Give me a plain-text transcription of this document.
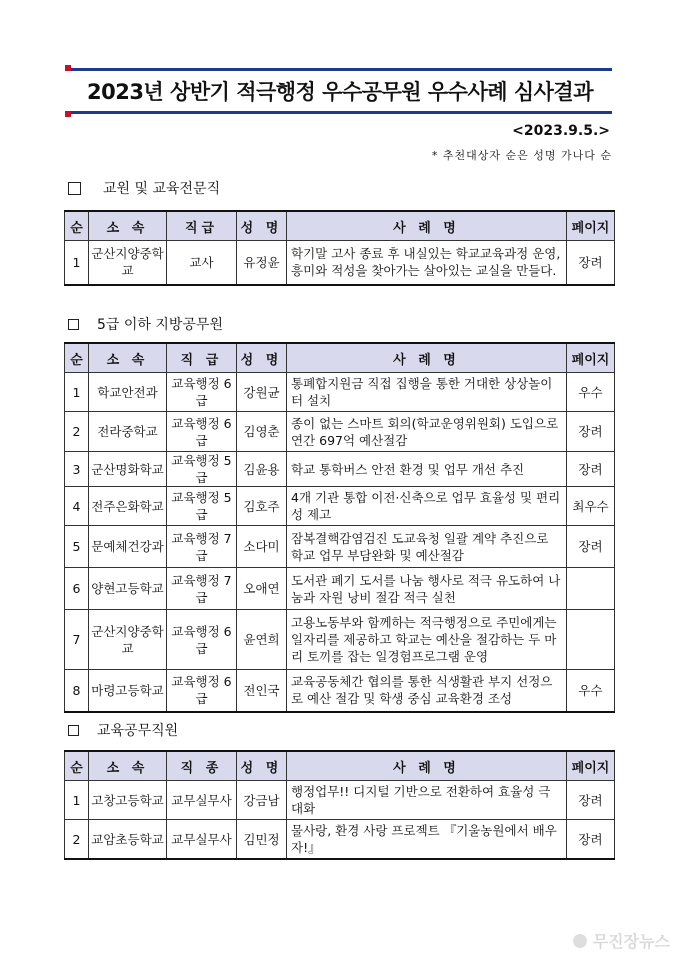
2023년 상반기 적극행정 우수공무원 우수사례 심사결과
<2023.9.5.>
* 추천대상자 순은 성명 가나다 순
교원 및 교육전문직
순	소 속	직급	성 명	사 례 명	페이지
1	군산지양중학교	교사	유정윤	학기말 고사 종료 후 내실있는 학교교육과정 운영, 흥미와 적성을 찾아가는 살아있는 교실을 만들다.	장려
5급 이하 지방공무원
순	소 속	직 급	성 명	사 례 명	페이지
1	학교안전과	교육행정 6급	강원균	통폐합지원금 직접 집행을 통한 거대한 상상놀이터 설치	우수
2	전라중학교	교육행정 6급	김영춘	종이 없는 스마트 회의(학교운영위원회) 도입으로 연간 697억 예산절감	장려
3	군산명화학교	교육행정 5급	김윤용	학교 통학버스 안전 환경 및 업무 개선 추진	장려
4	전주은화학교	교육행정 5급	김호주	4개 기관 통합 이전·신축으로 업무 효율성 및 편리성 제고	최우수
5	문예체건강과	교육행정 7급	소다미	잠복결핵감염검진 도교육청 일괄 계약 추진으로 학교 업무 부담완화 및 예산절감	장려
6	양현고등학교	교육행정 7급	오애연	도서관 폐기 도서를 나눔 행사로 적극 유도하여 나눔과 자원 낭비 절감 적극 실천	
7	군산지양중학교	교육행정 6급	윤연희	고용노동부와 함께하는 적극행정으로 주민에게는 일자리를 제공하고 학교는 예산을 절감하는 두 마리 토끼를 잡는 일경험프로그램 운영	
8	마령고등학교	교육행정 6급	전인국	교육공동체간 협의를 통한 식생활관 부지 선정으로 예산 절감 및 학생 중심 교육환경 조성	우수
교육공무직원
순	소 속	직 종	성 명	사 례 명	페이지
1	고창고등학교	교무실무사	강금남	행정업무!! 디지털 기반으로 전환하여 효율성 극대화	장려
2	교암초등학교	교무실무사	김민정	물사랑, 환경 사랑 프로젝트 『기울농원에서 배우자!』	장려
무진장뉴스
